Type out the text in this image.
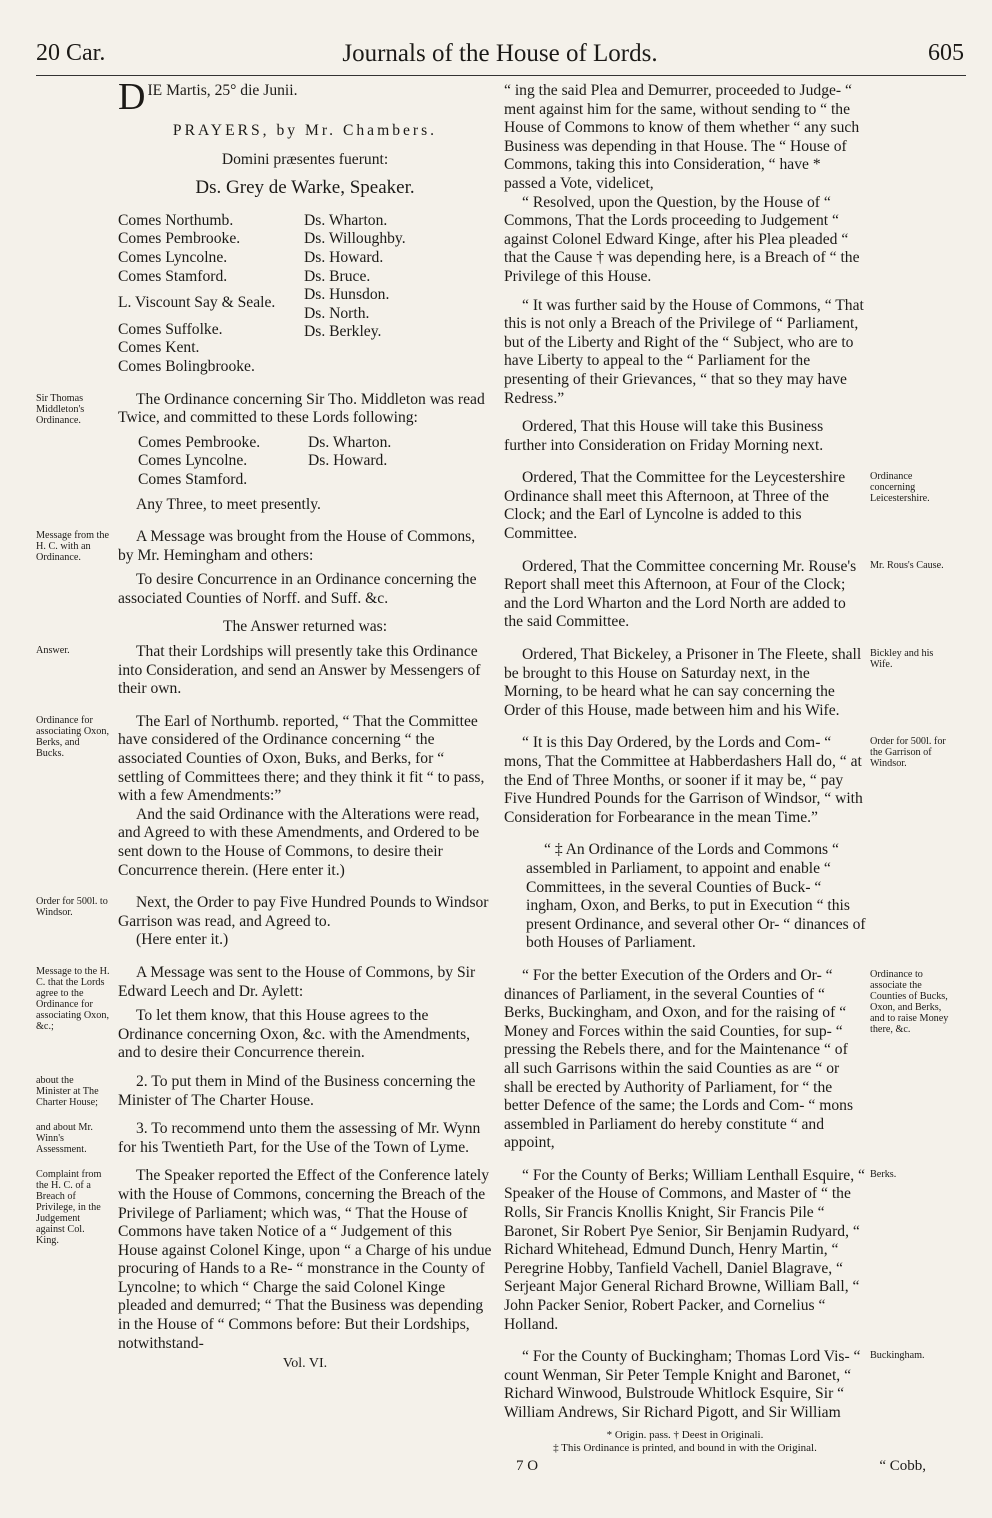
20 Car.	Journals of the House of Lords.	605
D IE Martis, 25° die Junii.

PRAYERS, by Mr. Chambers.

Domini præsentes fuerunt:

Ds. Grey de Warke, Speaker.

Comes Northumb.
Comes Pembrooke.
Comes Lyncolne.
Comes Stamford.
L. Viscount Say & Seale.
Comes Suffolke.
Comes Kent.
Comes Bolingbrooke.
Ds. Wharton.
Ds. Willoughby.
Ds. Howard.
Ds. Bruce.
Ds. Hunsdon.
Ds. North.
Ds. Berkley.
Sir Thomas Middleton's Ordinance.

The Ordinance concerning Sir Tho. Middleton was read Twice, and committed to these Lords following:

Comes Pembrooke.
Comes Lyncolne.
Comes Stamford.
Ds. Wharton.
Ds. Howard.

Any Three, to meet presently.

Message from the H. C. with an Ordinance.

A Message was brought from the House of Commons, by Mr. Hemingham and others:

To desire Concurrence in an Ordinance concerning the associated Counties of Norff. and Suff. &c.

The Answer returned was:

Answer.	That their Lordships will presently take this Ordinance into Consideration, and send an Answer by Messengers of their own.

Ordinance for associating Oxon, Berks, and Bucks.

The Earl of Northumb. reported, “ That the Committee have considered of the Ordinance concerning “ the associated Counties of Oxon, Buks, and Berks, for “ settling of Committees there; and they think it fit “ to pass, with a few Amendments:”

And the said Ordinance with the Alterations were read, and Agreed to with these Amendments, and Ordered to be sent down to the House of Commons, to desire their Concurrence therein. (Here enter it.)

Order for 500l. to Windsor.

Next, the Order to pay Five Hundred Pounds to Windsor Garrison was read, and Agreed to.

(Here enter it.)

Message to the H. C. that the Lords agree to the Ordinance for associating Oxon, &c.;

A Message was sent to the House of Commons, by Sir Edward Leech and Dr. Aylett:

To let them know, that this House agrees to the Ordinance concerning Oxon, &c. with the Amendments, and to desire their Concurrence therein.

about the Minister at The Charter House;

2. To put them in Mind of the Business concerning the Minister of The Charter House.

and about Mr. Winn's Assessment.

3. To recommend unto them the assessing of Mr. Wynn for his Twentieth Part, for the Use of the Town of Lyme.

Complaint from the H. C. of a Breach of Privilege, in the Judgement against Col. King.

The Speaker reported the Effect of the Conference lately with the House of Commons, concerning the Breach of the Privilege of Parliament; which was, “ That the House of Commons have taken Notice of a “ Judgement of this House against Colonel Kinge, upon “ a Charge of his undue procuring of Hands to a Re- “ monstrance in the County of Lyncolne; to which “ Charge the said Colonel Kinge pleaded and demurred; “ That the Business was depending in the House of “ Commons before: But their Lordships, notwithstand-

Vol. VI.

“ ing the said Plea and Demurrer, proceeded to Judge- “ ment against him for the same, without sending to “ the House of Commons to know of them whether “ any such Business was depending in that House. The “ House of Commons, taking this into Consideration, “ have * passed a Vote, videlicet,

“ Resolved, upon the Question, by the House of “ Commons, That the Lords proceeding to Judgement “ against Colonel Edward Kinge, after his Plea pleaded “ that the Cause † was depending here, is a Breach of “ the Privilege of this House.

“ It was further said by the House of Commons, “ That this is not only a Breach of the Privilege of “ Parliament, but of the Liberty and Right of the “ Subject, who are to have Liberty to appeal to the “ Parliament for the presenting of their Grievances, “ that so they may have Redress.”

Ordered, That this House will take this Business further into Consideration on Friday Morning next.

Ordinance concerning Leicestershire.

Ordered, That the Committee for the Leycestershire Ordinance shall meet this Afternoon, at Three of the Clock; and the Earl of Lyncolne is added to this Committee.

Mr. Rous's Cause.

Ordered, That the Committee concerning Mr. Rouse's Report shall meet this Afternoon, at Four of the Clock; and the Lord Wharton and the Lord North are added to the said Committee.

Bickley and his Wife.

Ordered, That Bickeley, a Prisoner in The Fleete, shall be brought to this House on Saturday next, in the Morning, to be heard what he can say concerning the Order of this House, made between him and his Wife.

Order for 500l. for the Garrison of Windsor.

“ It is this Day Ordered, by the Lords and Com- “ mons, That the Committee at Habberdashers Hall do, “ at the End of Three Months, or sooner if it may be, “ pay Five Hundred Pounds for the Garrison of Windsor, “ with Consideration for Forbearance in the mean Time.”

“ ‡ An Ordinance of the Lords and Commons “ assembled in Parliament, to appoint and enable “ Committees, in the several Counties of Buck- “ ingham, Oxon, and Berks, to put in Execution “ this present Ordinance, and several other Or- “ dinances of both Houses of Parliament.

Ordinance to associate the Counties of Bucks, Oxon, and Berks, and to raise Money there, &c.

“ For the better Execution of the Orders and Or- “ dinances of Parliament, in the several Counties of “ Berks, Buckingham, and Oxon, and for the raising of “ Money and Forces within the said Counties, for sup- “ pressing the Rebels there, and for the Maintenance “ of all such Garrisons within the said Counties as are “ or shall be erected by Authority of Parliament, for “ the better Defence of the same; the Lords and Com- “ mons assembled in Parliament do hereby constitute “ and appoint,

Berks.

“ For the County of Berks; William Lenthall Esquire, “ Speaker of the House of Commons, and Master of “ the Rolls, Sir Francis Knollis Knight, Sir Francis Pile “ Baronet, Sir Robert Pye Senior, Sir Benjamin Rudyard, “ Richard Whitehead, Edmund Dunch, Henry Martin, “ Peregrine Hobby, Tanfield Vachell, Daniel Blagrave, “ Serjeant Major General Richard Browne, William Ball, “ John Packer Senior, Robert Packer, and Cornelius “ Holland.

Buckingham.

“ For the County of Buckingham; Thomas Lord Vis- “ count Wenman, Sir Peter Temple Knight and Baronet, “ Richard Winwood, Bulstroude Whitlock Esquire, Sir “ William Andrews, Sir Richard Pigott, and Sir William

* Origin. pass. † Deest in Originali.

‡ This Ordinance is printed, and bound in with the Original.

7 O	“ Cobb,
